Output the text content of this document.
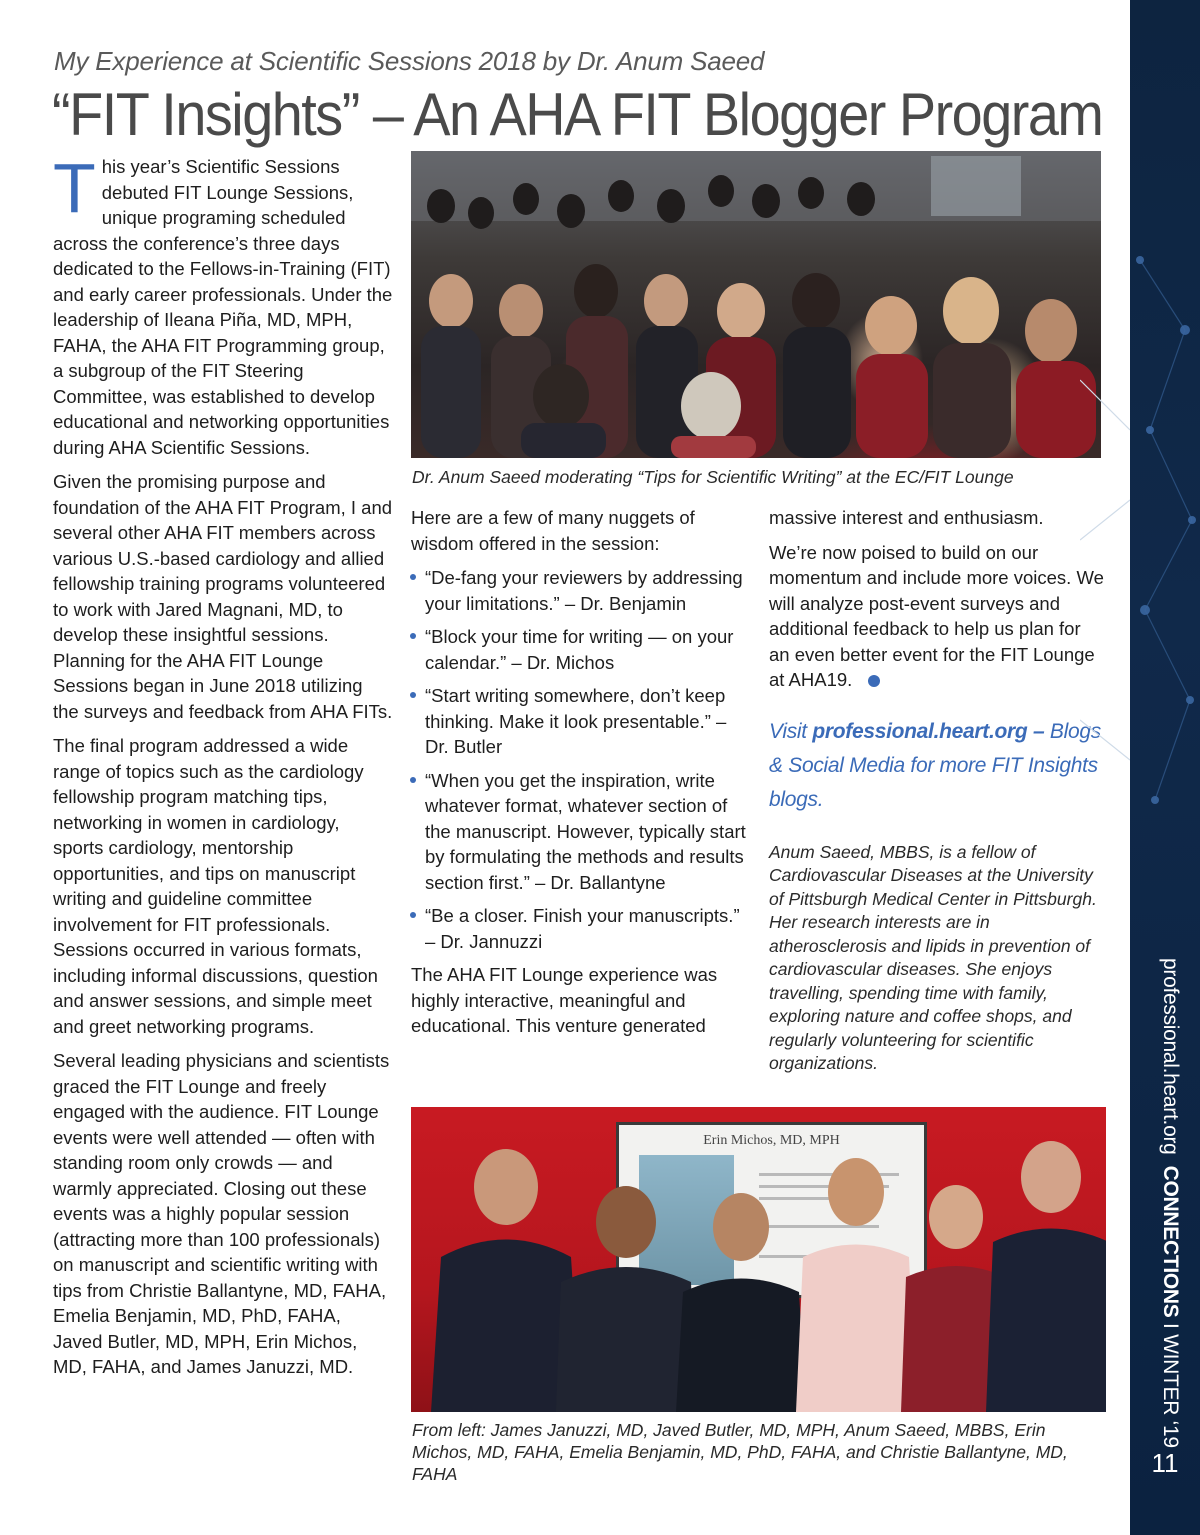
My Experience at Scientific Sessions 2018 by Dr. Anum Saeed
“FIT Insights” – An AHA FIT Blogger Program

This year’s Scientific Sessions debuted FIT Lounge Sessions, unique programing scheduled across the conference’s three days dedicated to the Fellows-in-Training (FIT) and early career professionals. Under the leadership of Ileana Piña, MD, MPH, FAHA, the AHA FIT Programming group, a subgroup of the FIT Steering Committee, was established to develop educational and networking opportunities during AHA Scientific Sessions.

Given the promising purpose and foundation of the AHA FIT Program, I and several other AHA FIT members across various U.S.-based cardiology and allied fellowship training programs volunteered to work with Jared Magnani, MD, to develop these insightful sessions. Planning for the AHA FIT Lounge Sessions began in June 2018 utilizing the surveys and feedback from AHA FITs.

The final program addressed a wide range of topics such as the cardiology fellowship program matching tips, networking in women in cardiology, sports cardiology, mentorship opportunities, and tips on manuscript writing and guideline committee involvement for FIT professionals. Sessions occurred in various formats, including informal discussions, question and answer sessions, and simple meet and greet networking programs.

Several leading physicians and scientists graced the FIT Lounge and freely engaged with the audience. FIT Lounge events were well attended — often with standing room only crowds — and warmly appreciated. Closing out these events was a highly popular session (attracting more than 100 professionals) on manuscript and scientific writing with tips from Christie Ballantyne, MD, FAHA, Emelia Benjamin, MD, PhD, FAHA, Javed Butler, MD, MPH, Erin Michos, MD, FAHA, and James Januzzi, MD.

Dr. Anum Saeed moderating “Tips for Scientific Writing” at the EC/FIT Lounge

Here are a few of many nuggets of wisdom offered in the session:

“De-fang your reviewers by addressing your limitations.” – Dr. Benjamin
“Block your time for writing — on your calendar.” – Dr. Michos
“Start writing somewhere, don’t keep thinking. Make it look presentable.” – Dr. Butler
“When you get the inspiration, write whatever format, whatever section of the manuscript. However, typically start by formulating the methods and results section first.” – Dr. Ballantyne
“Be a closer. Finish your manuscripts.” – Dr. Jannuzzi

The AHA FIT Lounge experience was highly interactive, meaningful and educational. This venture generated

massive interest and enthusiasm.

We’re now poised to build on our momentum and include more voices. We will analyze post-event surveys and additional feedback to help us plan for an even better event for the FIT Lounge at AHA19.

Visit professional.heart.org – Blogs & Social Media for more FIT Insights blogs.
Anum Saeed, MBBS, is a fellow of Cardiovascular Diseases at the University of Pittsburgh Medical Center in Pittsburgh. Her research interests are in atherosclerosis and lipids in prevention of cardiovascular diseases. She enjoys travelling, spending time with family, exploring nature and coffee shops, and regularly volunteering for scientific organizations.
Erin Michos, MD, MPH
From left: James Januzzi, MD, Javed Butler, MD, MPH, Anum Saeed, MBBS, Erin Michos, MD, FAHA, Emelia Benjamin, MD, PhD, FAHA, and Christie Ballantyne, MD, FAHA
professional.heart.org  CONNECTIONS I WINTER ‘19
11
